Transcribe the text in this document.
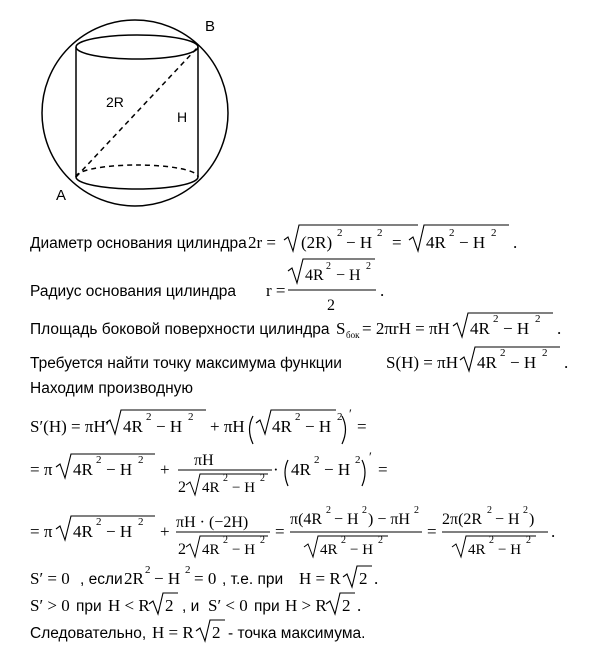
B
A
2R
H
Диаметр основания цилиндра 2r = (2R) 2 − H 2 = 4R 2 − H 2 .
Радиус основания цилиндра r =
4R
2
− H
2
2
.
Площадь боковой поверхности цилиндра S бок = 2πrH = πH 4R 2 − H 2 .
Требуется найти точку максимума функции	S(H) = πH 4R 2 − H 2 .
Находим производную
S′(H) = πH′ 4R 2 − H 2 + πH 4R 2 − H 2 ′
=
= π 4R 2 − H 2 + πH
2 4R
2
− H
2 · 4R 2 − H 2 ′
=
= π 4R 2 − H 2 + πH · (−2H)
2 4R
2
− H
2 =
π(4R
2
− H
2
) − πH
2
4R
2
− H
2	=
2π(2R
2
− H
2
)
4R
2
− H
2 .
S′ = 0 , если 2R 2 − H 2 = 0 , т.е. при H = R 2 .
S′ > 0 при H < R 2 , и S′ < 0 при H > R 2 .
Следовательно, H = R 2 - точка максимума.
